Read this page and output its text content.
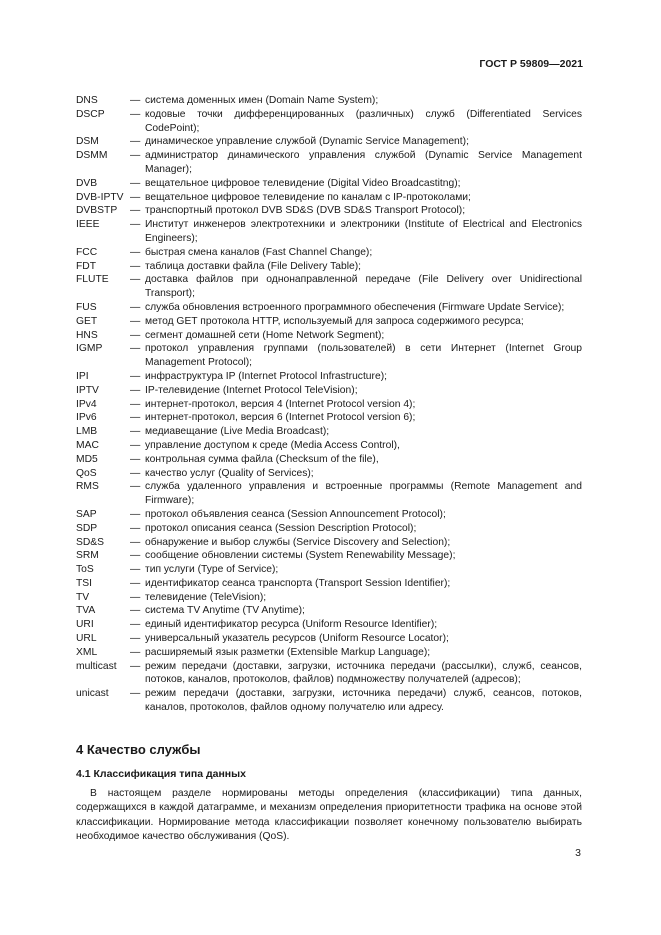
ГОСТ Р 59809—2021
DNS	— система доменных имен (Domain Name System);
DSCP — кодовые точки дифференцированных (различных) служб (Differentiated Services CodePoint);
DSM	— динамическое управление службой (Dynamic Service Management);
DSMM — администратор динамического управления службой (Dynamic Service Management Manager);
DVB	— вещательное цифровое телевидение (Digital Video Broadcastitng);
DVB-IPTV — вещательное цифровое телевидение по каналам с IP-протоколами;
DVBSTP — транспортный протокол DVB SD&S (DVB SD&S Transport Protocol);
IEEE	— Институт инженеров электротехники и электроники (Institute of Electrical and Electronics Engineers);
FCC	— быстрая смена каналов (Fast Channel Change);
FDT	— таблица доставки файла (File Delivery Table);
FLUTE — доставка файлов при однонаправленной передаче (File Delivery over Unidirectional Transport);
FUS	— служба обновления встроенного программного обеспечения (Firmware Update Service);
GET	— метод GET протокола HTTP, используемый для запроса содержимого ресурса;
HNS	— сегмент домашней сети (Home Network Segment);
IGMP	— протокол управления группами (пользователей) в сети Интернет (Internet Group Management Protocol);
IPI	— инфраструктура IP (Internet Protocol Infrastructure);
IPTV	— IP-телевидение (Internet Protocol TeleVision);
IPv4	— интернет-протокол, версия 4 (Internet Protocol version 4);
IPv6	— интернет-протокол, версия 6 (Internet Protocol version 6);
LMB	— медиавещание (Live Media Broadcast);
MAC	— управление доступом к среде (Media Access Control),
MD5	— контрольная сумма файла (Checksum of the file),
QoS	— качество услуг (Quality of Services);
RMS	— служба удаленного управления и встроенные программы (Remote Management and Firmware);
SAP	— протокол объявления сеанса (Session Announcement Protocol);
SDP	— протокол описания сеанса (Session Description Protocol);
SD&S	— обнаружение и выбор службы (Service Discovery and Selection);
SRM	— сообщение обновлении системы (System Renewability Message);
ToS	— тип услуги (Type of Service);
TSI	— идентификатор сеанса транспорта (Transport Session Identifier);
TV	— телевидение (TeleVision);
TVA	— система TV Anytime (TV Anytime);
URI	— единый идентификатор ресурса (Uniform Resource Identifier);
URL	— универсальный указатель ресурсов (Uniform Resource Locator);
XML	— расширяемый язык разметки (Extensible Markup Language);
multicast — режим передачи (доставки, загрузки, источника передачи (рассылки), служб, сеансов, потоков, каналов, протоколов, файлов) подмножеству получателей (адресов);
unicast — режим передачи (доставки, загрузки, источника передачи) служб, сеансов, потоков, каналов, протоколов, файлов одному получателю или адресу.
4 Качество службы
4.1 Классификация типа данных
В настоящем разделе нормированы методы определения (классификации) типа данных, содержащихся в каждой датаграмме, и механизм определения приоритетности трафика на основе этой классификации. Нормирование метода классификации позволяет конечному пользователю выбирать необходимое качество обслуживания (QoS).
3
